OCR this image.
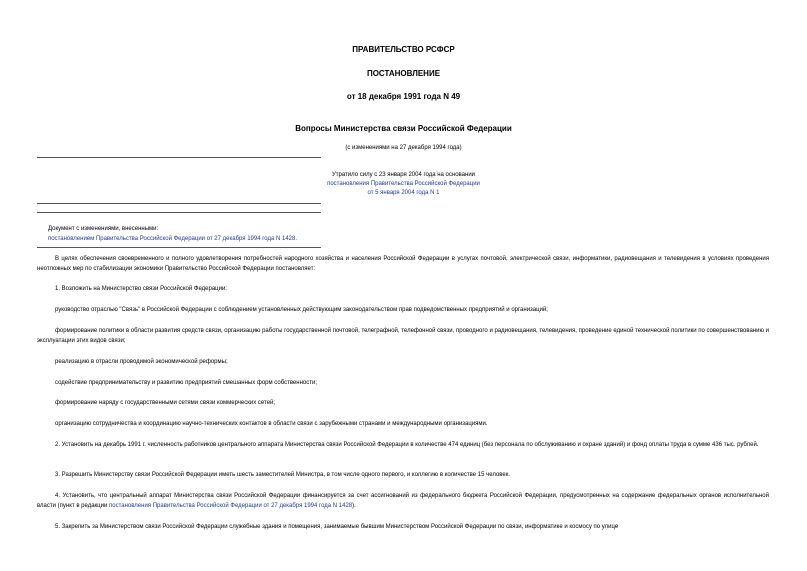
ПРАВИТЕЛЬСТВО РСФСР
ПОСТАНОВЛЕНИЕ
от 18 декабря 1991 года N 49
Вопросы Министерства связи Российской Федерации
(с изменениями на 27 декабря 1994 года)
Утратило силу с 23 января 2004 года на основании
постановления Правительства Российской Федерации
от 5 января 2004 года N 1
Документ с изменениями, внесенными:
постановлением Правительства Российской Федерации от 27 декабря 1994 года N 1428.
В целях обеспечения своевременного и полного удовлетворения потребностей народного хозяйства и населения Российской Федерации в услугах почтовой, электрической связи, информатики, радиовещания и телевидения в условиях проведения неотложных мер по стабилизации экономики Правительство Российской Федерации постановляет:
1. Возложить на Министерство связи Российской Федерации:
руководство отраслью "Связь" в Российской Федерации с соблюдением установленных действующим законодательством прав подведомственных предприятий и организаций;
формирование политики в области развития средств связи, организацию работы государственной почтовой, телеграфной, телефонной связи, проводного и радиовещания, телевидения, проведение единой технической политики по совершенствованию и эксплуатации этих видов связи;
реализацию в отрасли проводимой экономической реформы;
содействие предпринимательству и развитию предприятий смешанных форм собственности;
формирование наряду с государственными сетями связи коммерческих сетей;
организацию сотрудничества и координацию научно-технических контактов в области связи с зарубежными странами и международными организациями.
2. Установить на декабрь 1991 г. численность работников центрального аппарата Министерства связи Российской Федерации в количестве 474 единиц (без персонала по обслуживанию и охране зданий) и фонд оплаты труда в сумме 436 тыс. рублей.
3. Разрешить Министерству связи Российской Федерации иметь шесть заместителей Министра, в том числе одного первого, и коллегию в количестве 15 человек.
4. Установить, что центральный аппарат Министерства связи Российской Федерации финансируется за счет ассигнований из федерального бюджета Российской Федерации, предусмотренных на содержание федеральных органов исполнительной власти (пункт в редакции постановления Правительства Российской Федерации от 27 декабря 1994 года N 1428).
5. Закрепить за Министерством связи Российской Федерации служебные здания и помещения, занимаемые бывшим Министерством Российской Федерации по связи, информатике и космосу по улице
